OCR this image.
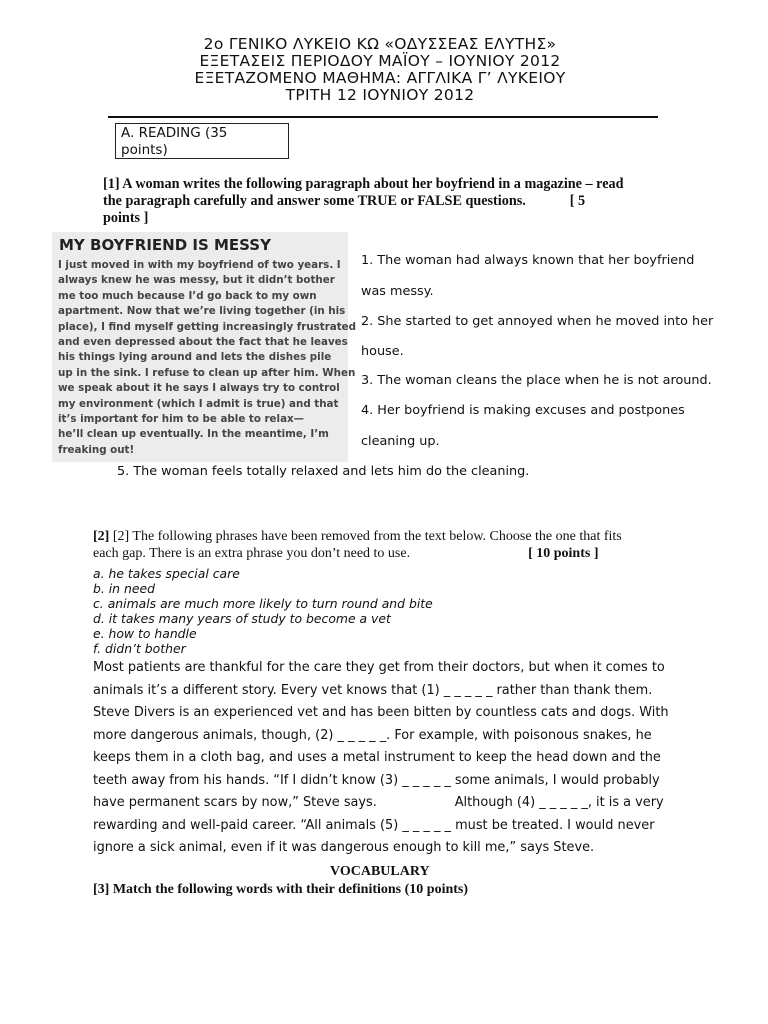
2ο ΓΕΝΙΚΟ ΛΥΚΕΙΟ ΚΩ «ΟΔΥΣΣΕΑΣ ΕΛΥΤΗΣ»
ΕΞΕΤΑΣΕΙΣ ΠΕΡΙΟΔΟΥ ΜΑΪΟΥ – ΙΟΥΝΙΟΥ 2012
ΕΞΕΤΑΖΟΜΕΝΟ ΜΑΘΗΜΑ: ΑΓΓΛΙΚΑ Γ’ ΛΥΚΕΙΟΥ
ΤΡΙΤΗ 12 ΙΟΥΝΙΟΥ 2012
A. READING (35
points)
[1] A woman writes the following paragraph about her boyfriend in a magazine – read
the paragraph carefully and answer some TRUE or FALSE questions.	[ 5
points ]
MY BOYFRIEND IS MESSY
I just moved in with my boyfriend of two years. I
always knew he was messy, but it didn’t bother
me too much because I’d go back to my own
apartment. Now that we’re living together (in his
place), I find myself getting increasingly frustrated
and even depressed about the fact that he leaves
his things lying around and lets the dishes pile
up in the sink. I refuse to clean up after him. When
we speak about it he says I always try to control
my environment (which I admit is true) and that
it’s important for him to be able to relax—
he’ll clean up eventually. In the meantime, I’m
freaking out!
1. The woman had always known that her boyfriend
was messy.
2. She started to get annoyed when he moved into her
house.
3. The woman cleans the place when he is not around.
4. Her boyfriend is making excuses and postpones
cleaning up.
5. The woman feels totally relaxed and lets him do the cleaning.
[2] [2] The following phrases have been removed from the text below. Choose the one that fits
each gap. There is an extra phrase you don’t need to use.	[ 10 points ]
a. he takes special care
b. in need
c. animals are much more likely to turn round and bite
d. it takes many years of study to become a vet
e. how to handle
f. didn’t bother
Most patients are thankful for the care they get from their doctors, but when it comes to
animals it’s a different story. Every vet knows that (1) _ _ _ _ _ rather than thank them.
Steve Divers is an experienced vet and has been bitten by countless cats and dogs. With
more dangerous animals, though, (2) _ _ _ _ _. For example, with poisonous snakes, he
keeps them in a cloth bag, and uses a metal instrument to keep the head down and the
teeth away from his hands. “If I didn’t know (3) _ _ _ _ _ some animals, I would probably
have permanent scars by now,” Steve says.                   Although (4) _ _ _ _ _, it is a very
rewarding and well-paid career. “All animals (5) _ _ _ _ _ must be treated. I would never
ignore a sick animal, even if it was dangerous enough to kill me,” says Steve.
VOCABULARY
[3] Match the following words with their definitions (10 points)
